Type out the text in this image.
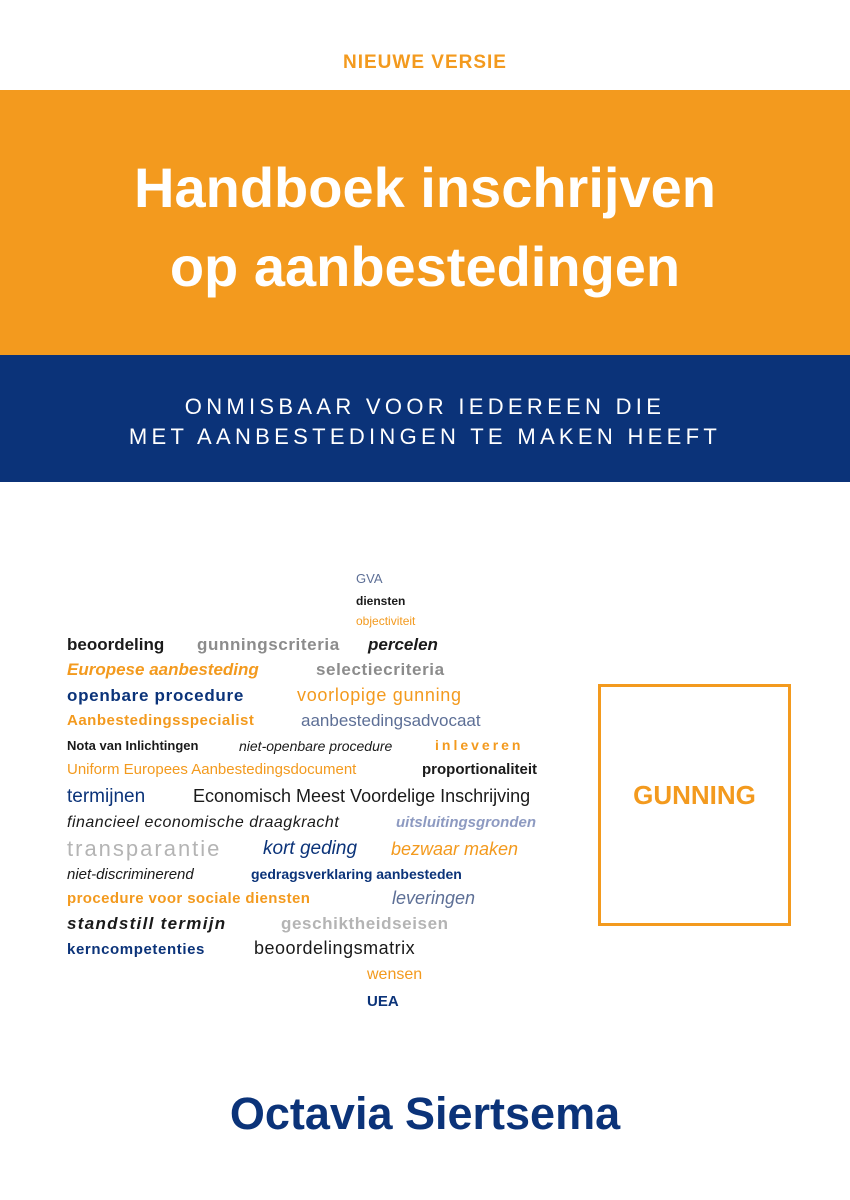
NIEUWE VERSIE
Handboek inschrijven
op aanbestedingen
ONMISBAAR VOOR IEDEREEN DIE
MET AANBESTEDINGEN TE MAKEN HEEFT
GVA
diensten
objectiviteit
beoordeling gunningscriteria percelen
Europese aanbesteding	selectiecriteria
openbare procedure	voorlopige gunning
Aanbestedingsspecialist	aanbestedingsadvocaat
Nota van Inlichtingen	niet-openbare procedure	inleveren
Uniform Europees Aanbestedingsdocument	proportionaliteit
termijnen	Economisch Meest Voordelige Inschrijving
financieel economische draagkracht	uitsluitingsgronden
transparantie kort geding bezwaar maken
niet-discriminerend	gedragsverklaring aanbesteden
procedure voor sociale diensten	leveringen
standstill termijn	geschiktheidseisen
kerncompetenties	beoordelingsmatrix
wensen
UEA
GUNNING
Octavia Siertsema
